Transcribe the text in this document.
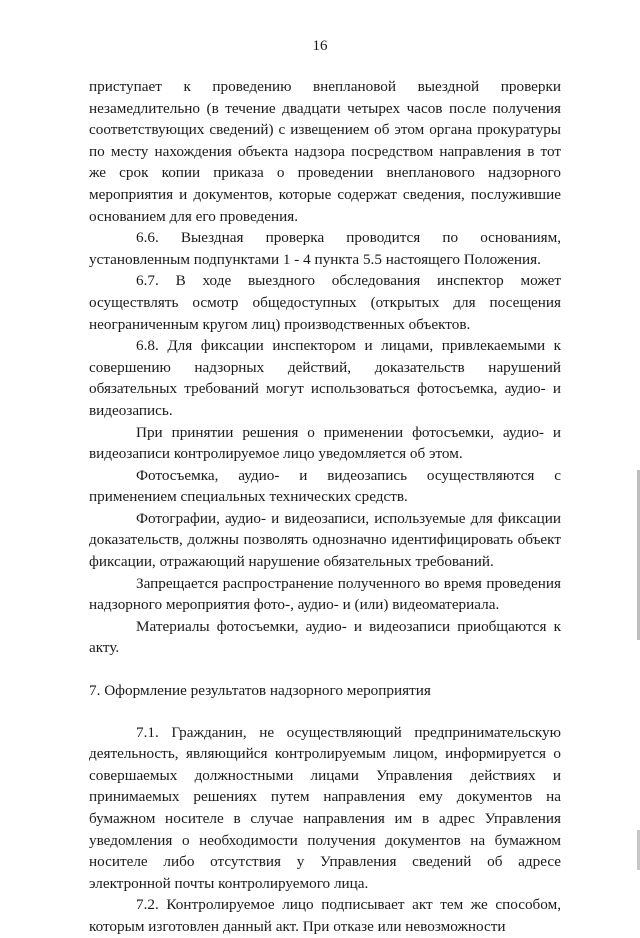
16

приступает к проведению внеплановой выездной проверки незамедлительно (в течение двадцати четырех часов после получения соответствующих сведений) с извещением об этом органа прокуратуры по месту нахождения объекта надзора посредством направления в тот же срок копии приказа о проведении внепланового надзорного мероприятия и документов, которые содержат сведения, послужившие основанием для его проведения.

6.6. Выездная проверка проводится по основаниям, установленным подпунктами 1 - 4 пункта 5.5 настоящего Положения.

6.7. В ходе выездного обследования инспектор может осуществлять осмотр общедоступных (открытых для посещения неограниченным кругом лиц) производственных объектов.

6.8. Для фиксации инспектором и лицами, привлекаемыми к совершению надзорных действий, доказательств нарушений обязательных требований могут использоваться фотосъемка, аудио- и видеозапись.

При принятии решения о применении фотосъемки, аудио- и видеозаписи контролируемое лицо уведомляется об этом.

Фотосъемка, аудио- и видеозапись осуществляются с применением специальных технических средств.

Фотографии, аудио- и видеозаписи, используемые для фиксации доказательств, должны позволять однозначно идентифицировать объект фиксации, отражающий нарушение обязательных требований.

Запрещается распространение полученного во время проведения надзорного мероприятия фото-, аудио- и (или) видеоматериала.

Материалы фотосъемки, аудио- и видеозаписи приобщаются к акту.

7. Оформление результатов надзорного мероприятия

7.1. Гражданин, не осуществляющий предпринимательскую деятельность, являющийся контролируемым лицом, информируется о совершаемых должностными лицами Управления действиях и принимаемых решениях путем направления ему документов на бумажном носителе в случае направления им в адрес Управления уведомления о необходимости получения документов на бумажном носителе либо отсутствия у Управления сведений об адресе электронной почты контролируемого лица.

7.2. Контролируемое лицо подписывает акт тем же способом, которым изготовлен данный акт. При отказе или невозможности
